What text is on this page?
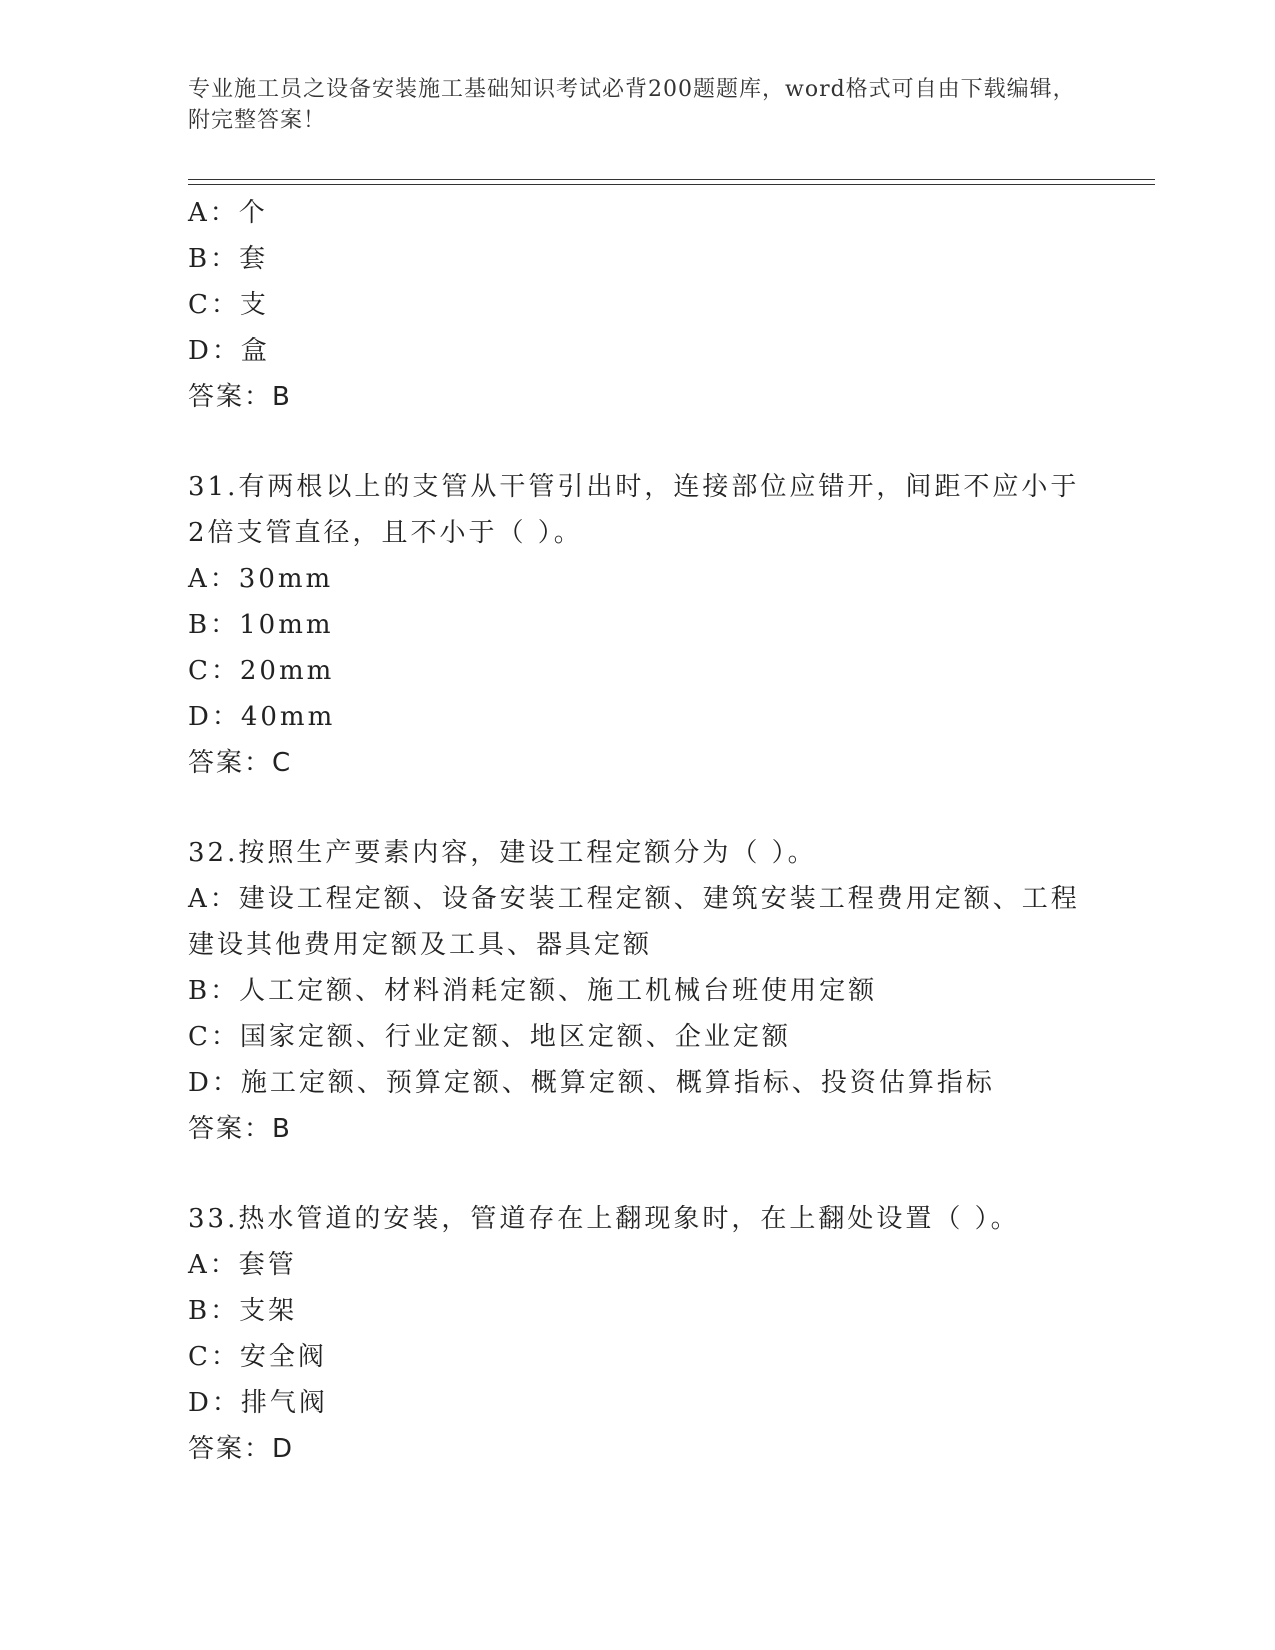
专业施工员之设备安装施工基础知识考试必背200题题库，word格式可自由下载编辑，附完整答案！
A：个
B：套
C：支
D：盒
答案：B
31.有两根以上的支管从干管引出时，连接部位应错开，间距不应小于2倍支管直径，且不小于（ ）。
A：30mm
B：10mm
C：20mm
D：40mm
答案：C
32.按照生产要素内容，建设工程定额分为（ ）。
A：建设工程定额、设备安装工程定额、建筑安装工程费用定额、工程建设其他费用定额及工具、器具定额
B：人工定额、材料消耗定额、施工机械台班使用定额
C：国家定额、行业定额、地区定额、企业定额
D：施工定额、预算定额、概算定额、概算指标、投资估算指标
答案：B
33.热水管道的安装，管道存在上翻现象时，在上翻处设置（ ）。
A：套管
B：支架
C：安全阀
D：排气阀
答案：D
